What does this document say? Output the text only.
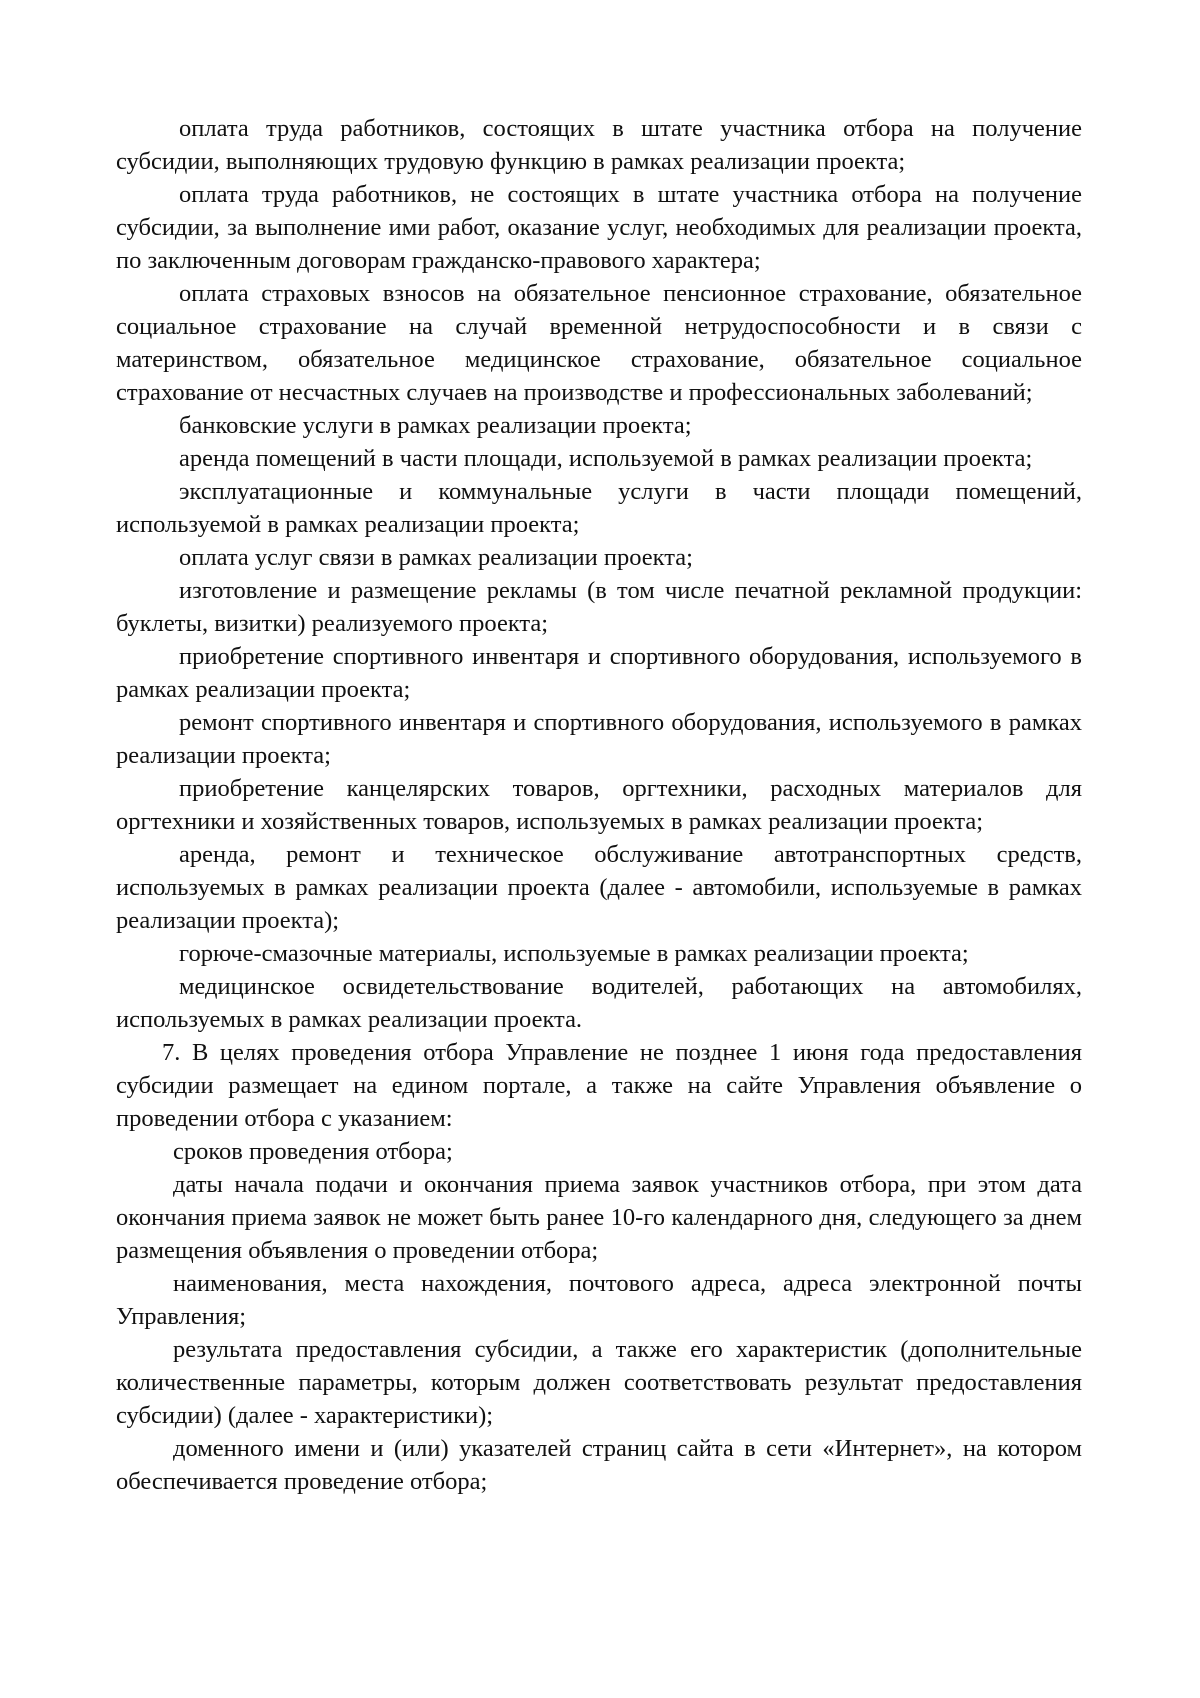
оплата труда работников, состоящих в штате участника отбора на получение субсидии, выполняющих трудовую функцию в рамках реализации проекта;

оплата труда работников, не состоящих в штате участника отбора на получение субсидии, за выполнение ими работ, оказание услуг, необходимых для реализации проекта, по заключенным договорам гражданско-правового характера;

оплата страховых взносов на обязательное пенсионное страхование, обязательное социальное страхование на случай временной нетрудоспособности и в связи с материнством, обязательное медицинское страхование, обязательное социальное страхование от несчастных случаев на производстве и профессиональных заболеваний;

банковские услуги в рамках реализации проекта;

аренда помещений в части площади, используемой в рамках реализации проекта;

эксплуатационные и коммунальные услуги в части площади помещений, используемой в рамках реализации проекта;

оплата услуг связи в рамках реализации проекта;

изготовление и размещение рекламы (в том числе печатной рекламной продукции: буклеты, визитки) реализуемого проекта;

приобретение спортивного инвентаря и спортивного оборудования, используемого в рамках реализации проекта;

ремонт спортивного инвентаря и спортивного оборудования, используемого в рамках реализации проекта;

приобретение канцелярских товаров, оргтехники, расходных материалов для оргтехники и хозяйственных товаров, используемых в рамках реализации проекта;

аренда, ремонт и техническое обслуживание автотранспортных средств, используемых в рамках реализации проекта (далее - автомобили, используемые в рамках реализации проекта);

горюче-смазочные материалы, используемые в рамках реализации проекта;

медицинское освидетельствование водителей, работающих на автомобилях, используемых в рамках реализации проекта.

7. В целях проведения отбора Управление не позднее 1 июня года предоставления субсидии размещает на едином портале, а также на сайте Управления объявление о проведении отбора с указанием:

сроков проведения отбора;

даты начала подачи и окончания приема заявок участников отбора, при этом дата окончания приема заявок не может быть ранее 10-го календарного дня, следующего за днем размещения объявления о проведении отбора;

наименования, места нахождения, почтового адреса, адреса электронной почты Управления;

результата предоставления субсидии, а также его характеристик (дополнительные количественные параметры, которым должен соответствовать результат предоставления субсидии) (далее - характеристики);

доменного имени и (или) указателей страниц сайта в сети «Интернет», на котором обеспечивается проведение отбора;
